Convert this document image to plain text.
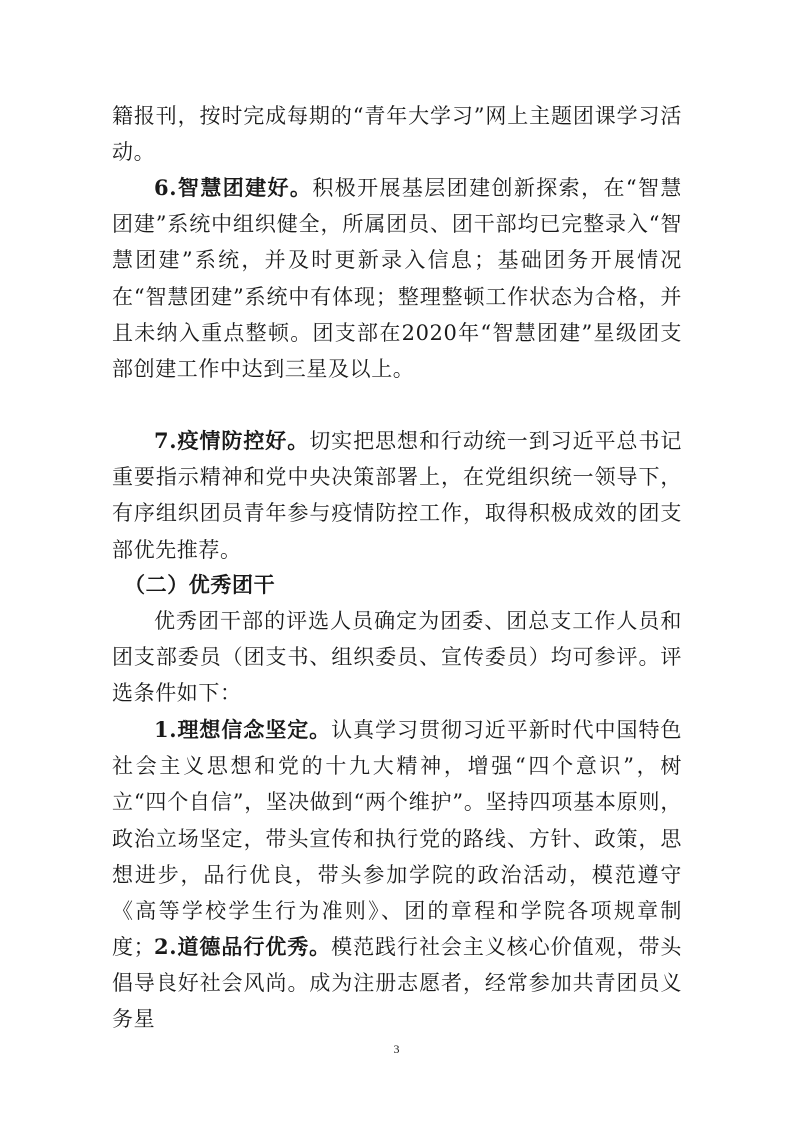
籍报刊，按时完成每期的“青年大学习”网上主题团课学习活动。

6.智慧团建好。积极开展基层团建创新探索，在“智慧团建”系统中组织健全，所属团员、团干部均已完整录入“智慧团建”系统，并及时更新录入信息；基础团务开展情况在“智慧团建”系统中有体现；整理整顿工作状态为合格，并且未纳入重点整顿。团支部在2020年“智慧团建”星级团支部创建工作中达到三星及以上。

7.疫情防控好。切实把思想和行动统一到习近平总书记重要指示精神和党中央决策部署上，在党组织统一领导下，有序组织团员青年参与疫情防控工作，取得积极成效的团支部优先推荐。

（二）优秀团干

优秀团干部的评选人员确定为团委、团总支工作人员和团支部委员（团支书、组织委员、宣传委员）均可参评。评选条件如下：

1.理想信念坚定。认真学习贯彻习近平新时代中国特色社会主义思想和党的十九大精神，增强“四个意识”，树立“四个自信”，坚决做到“两个维护”。坚持四项基本原则，政治立场坚定，带头宣传和执行党的路线、方针、政策，思想进步，品行优良，带头参加学院的政治活动，模范遵守《高等学校学生行为准则》、团的章程和学院各项规章制度；

2.道德品行优秀。模范践行社会主义核心价值观，带头倡导良好社会风尚。成为注册志愿者，经常参加共青团员义务星

3
